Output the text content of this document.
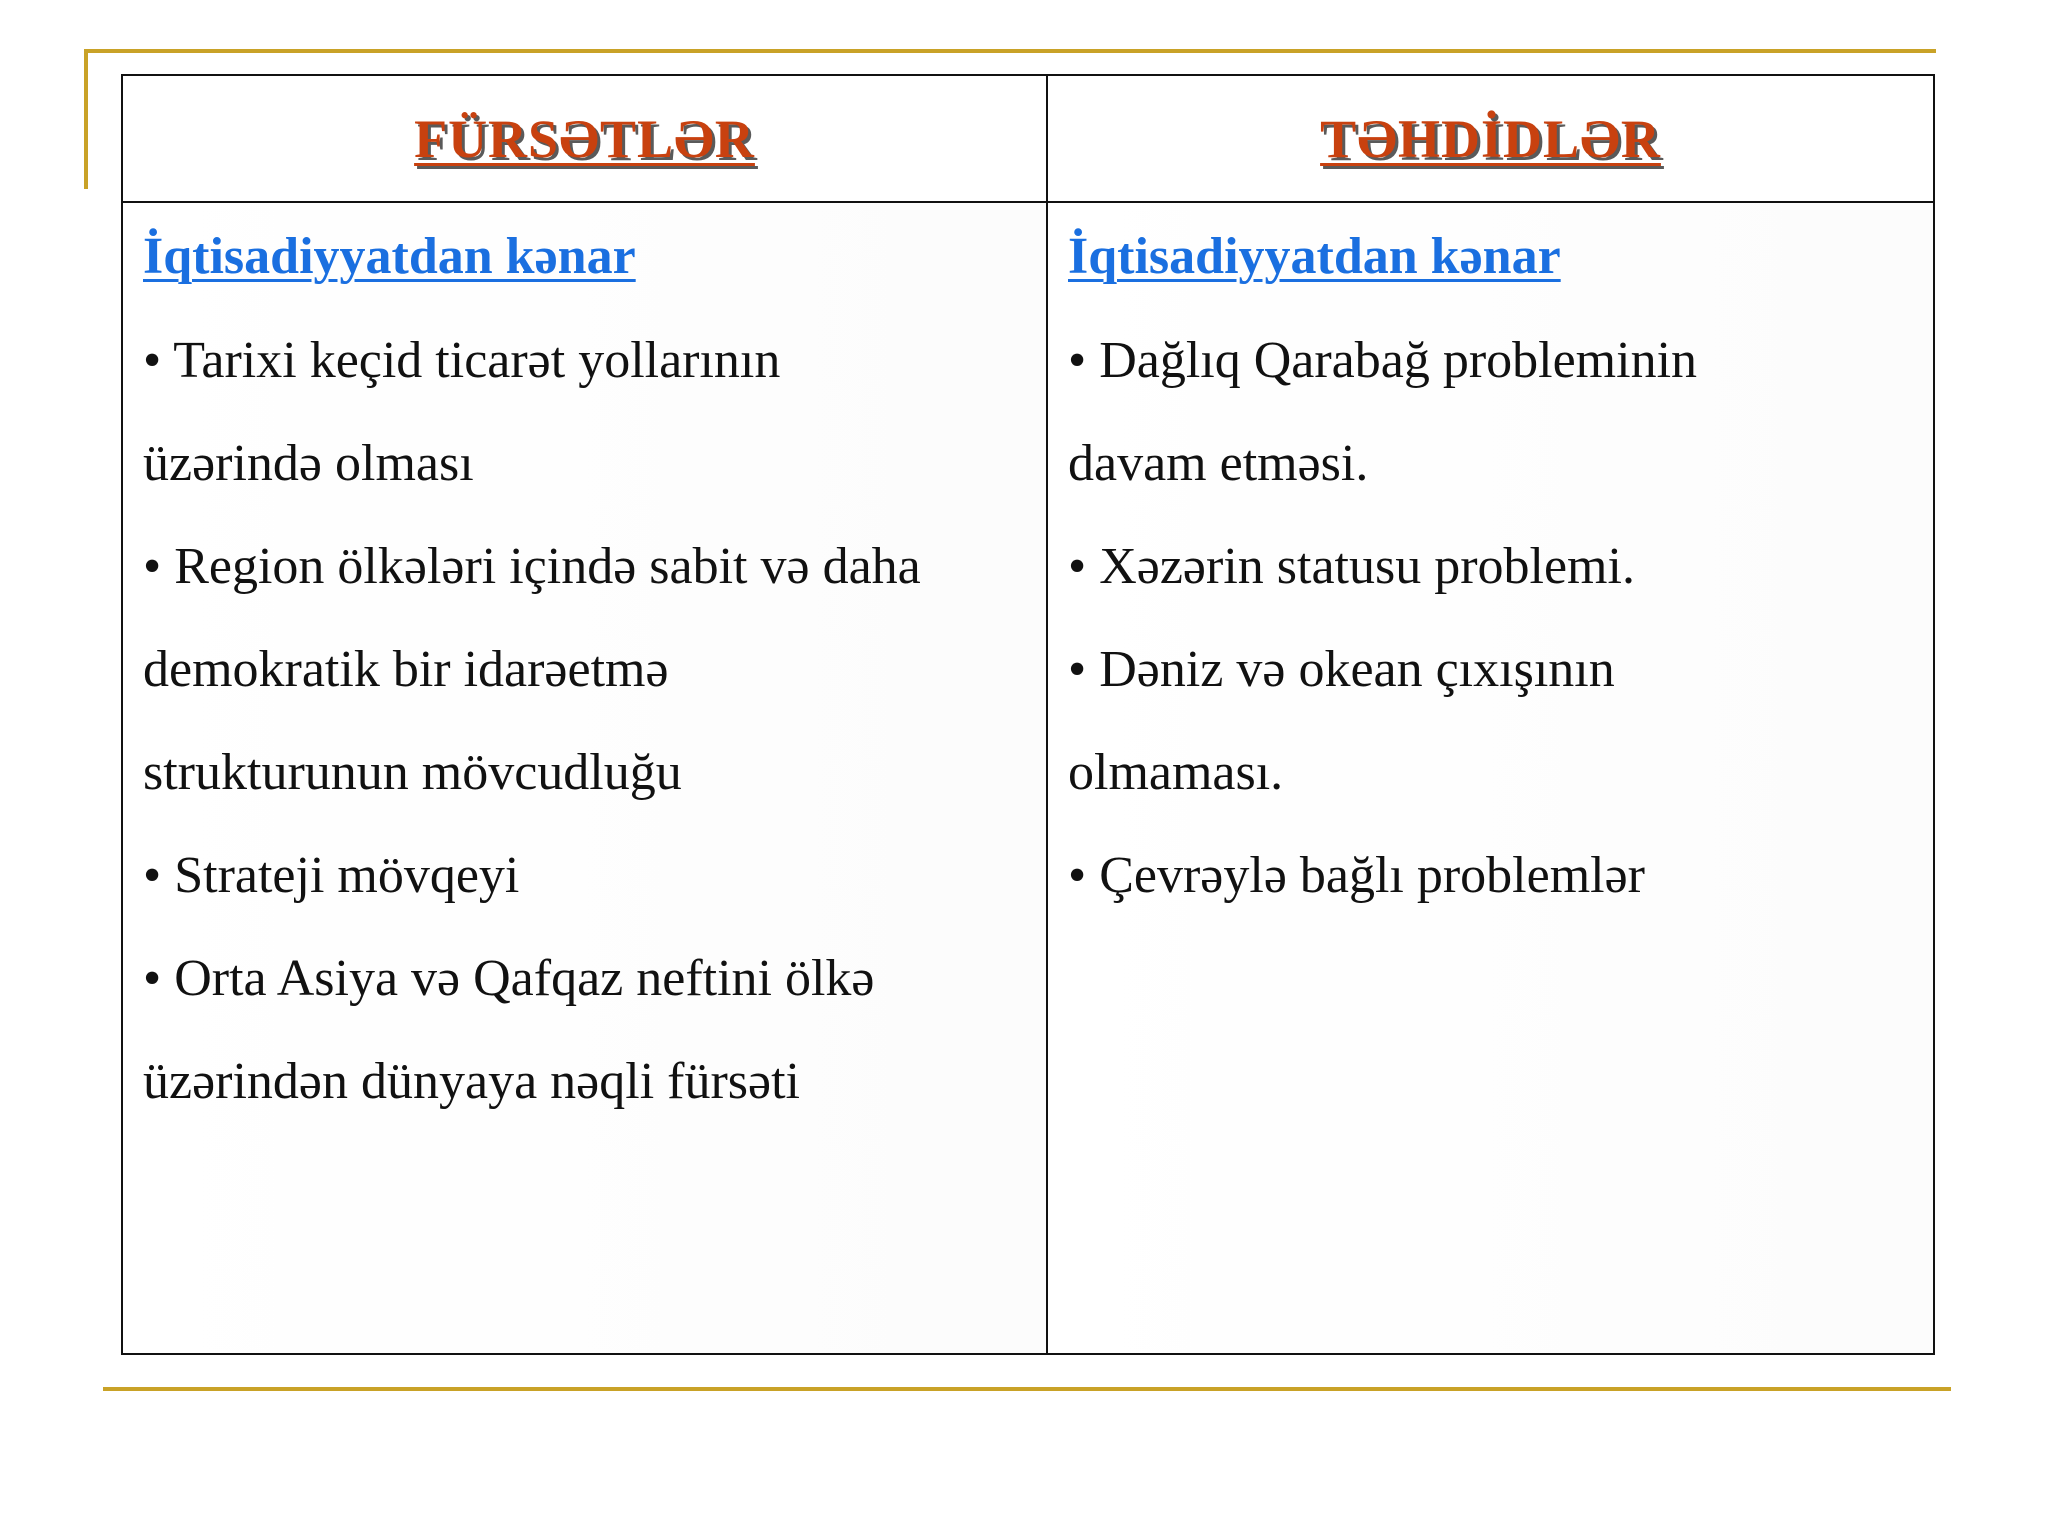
FÜRSƏTLƏR	TƏHDİDLƏR
İqtisadiyyatdan kənar
• Tarixi keçid ticarət yollarının
üzərində olması
• Region ölkələri içində sabit və daha
demokratik bir idarəetmə
strukturunun mövcudluğu
• Strateji mövqeyi
• Orta Asiya və Qafqaz neftini ölkə
üzərindən dünyaya nəqli fürsəti
İqtisadiyyatdan kənar
• Dağlıq Qarabağ probleminin
davam etməsi.
• Xəzərin statusu problemi.
• Dəniz və okean çıxışının
olmaması.
• Çevrəylə bağlı problemlər
